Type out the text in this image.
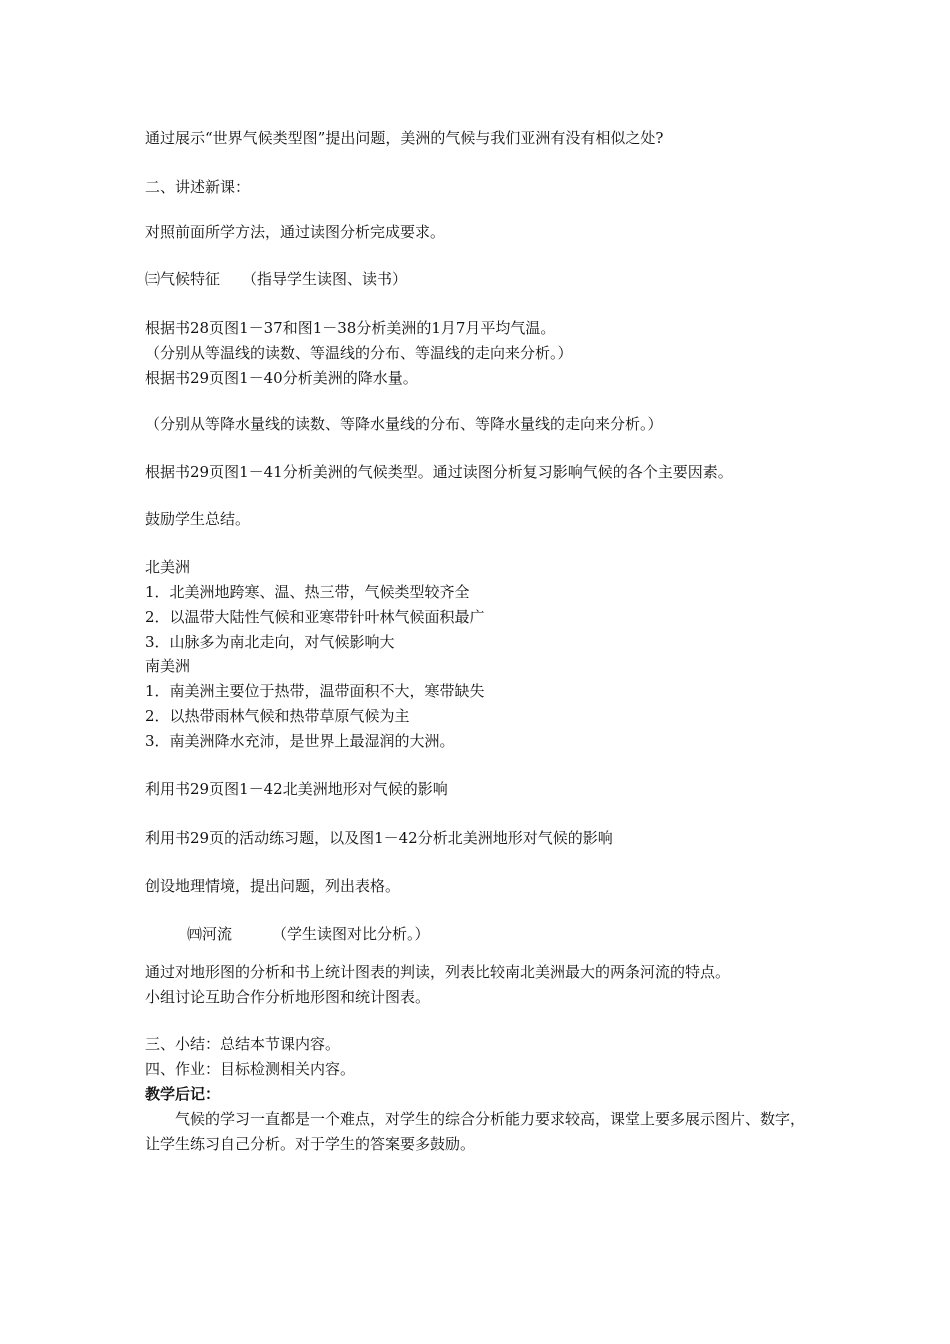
通过展示“世界气候类型图”提出问题，美洲的气候与我们亚洲有没有相似之处?
二、讲述新课：
对照前面所学方法，通过读图分析完成要求。
㈢气候特征 （指导学生读图、读书）
根据书28页图1－37和图1－38分析美洲的1月7月平均气温。
（分别从等温线的读数、等温线的分布、等温线的走向来分析。）
根据书29页图1－40分析美洲的降水量。
（分别从等降水量线的读数、等降水量线的分布、等降水量线的走向来分析。）
根据书29页图1－41分析美洲的气候类型。通过读图分析复习影响气候的各个主要因素。
鼓励学生总结。
北美洲
1．北美洲地跨寒、温、热三带，气候类型较齐全
2．以温带大陆性气候和亚寒带针叶林气候面积最广
3．山脉多为南北走向，对气候影响大
南美洲
1．南美洲主要位于热带，温带面积不大，寒带缺失
2．以热带雨林气候和热带草原气候为主
3．南美洲降水充沛，是世界上最湿润的大洲。
利用书29页图1－42北美洲地形对气候的影响
利用书29页的活动练习题，以及图1－42分析北美洲地形对气候的影响
创设地理情境，提出问题，列出表格。
㈣河流	（学生读图对比分析。）
通过对地形图的分析和书上统计图表的判读，列表比较南北美洲最大的两条河流的特点。
小组讨论互助合作分析地形图和统计图表。
三、小结：总结本节课内容。
四、作业：目标检测相关内容。
教学后记：
气候的学习一直都是一个难点，对学生的综合分析能力要求较高，课堂上要多展示图片、数字，让学生练习自己分析。对于学生的答案要多鼓励。
